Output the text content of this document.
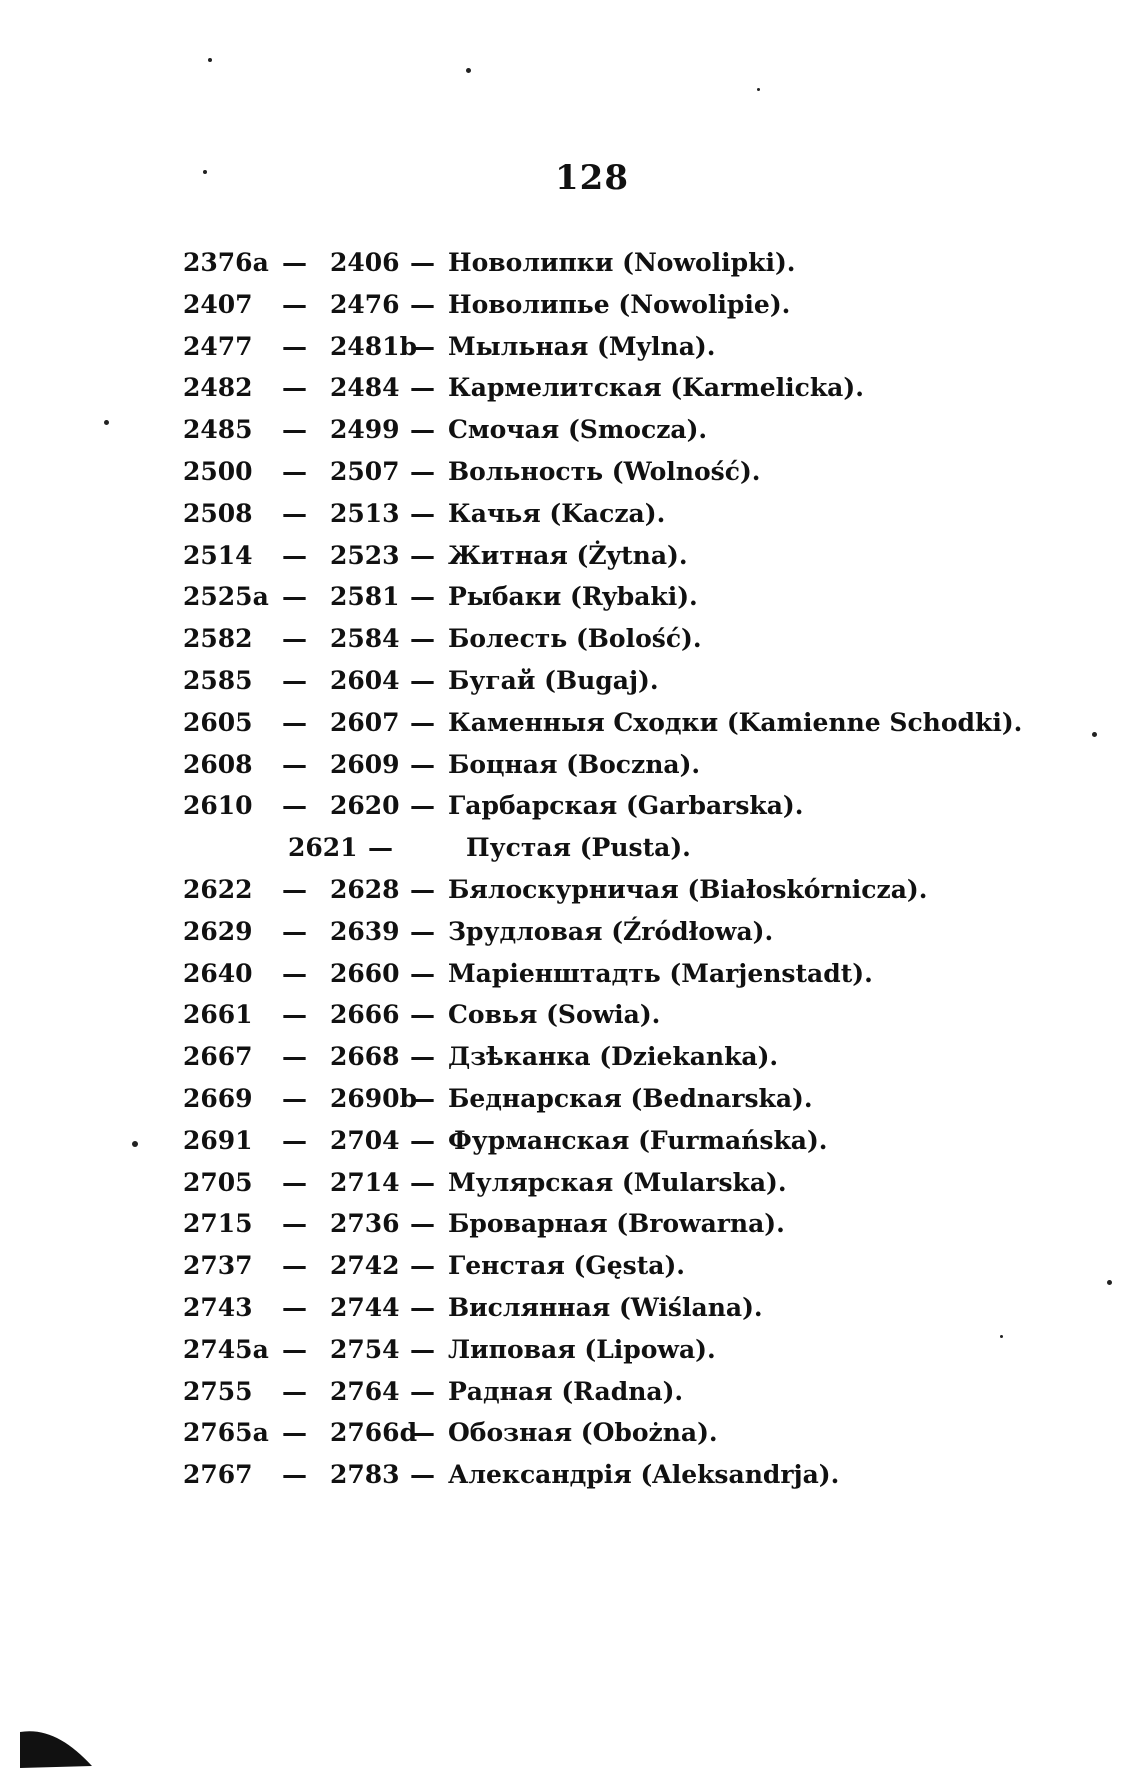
128
2376a — 2406 — Новолипки (Nowolipki).
2407 — 2476 — Новолипье (Nowolipie).
2477 — 2481b
— Мыльная (Mylna).
2482 — 2484 — Кармелитская (Karmelicka).
2485 — 2499 — Смочая (Smocza).
2500 — 2507 — Вольность (Wolność).
2508 — 2513 — Качья (Kacza).
2514 — 2523 — Житная (Żytna).
2525a — 2581 — Рыбаки (Rybaki).
2582 — 2584 — Болесть (Bolość).
2585 — 2604 — Бугай (Bugaj).
2605 — 2607 — Каменныя Сходки (Kamienne Schodki).
2608 — 2609 — Боцная (Boczna).
2610 — 2620 — Гарбарская (Garbarska).
2621 —	Пустая (Pusta).
2622 — 2628 — Бялоскурничая (Białoskórnicza).
2629 — 2639 — Зрудловая (Źródłowa).
2640 — 2660 — Маріенштадть (Marjenstadt).
2661 — 2666 — Совья (Sowia).
2667 — 2668 — Дзѣканка (Dziekanka).
2669 — 2690b
— Беднарская (Bednarska).
2691 — 2704 — Фурманская (Furmańska).
2705 — 2714 — Мулярская (Mularska).
2715 — 2736 — Броварная (Browarna).
2737 — 2742 — Генстая (Gęsta).
2743 — 2744 — Вислянная (Wiślana).
2745a — 2754 — Липовая (Lipowa).
2755 — 2764 — Радная (Radna).
2765a — 2766d
— Обозная (Obożna).
2767 — 2783 — Александрія (Aleksandrja).
